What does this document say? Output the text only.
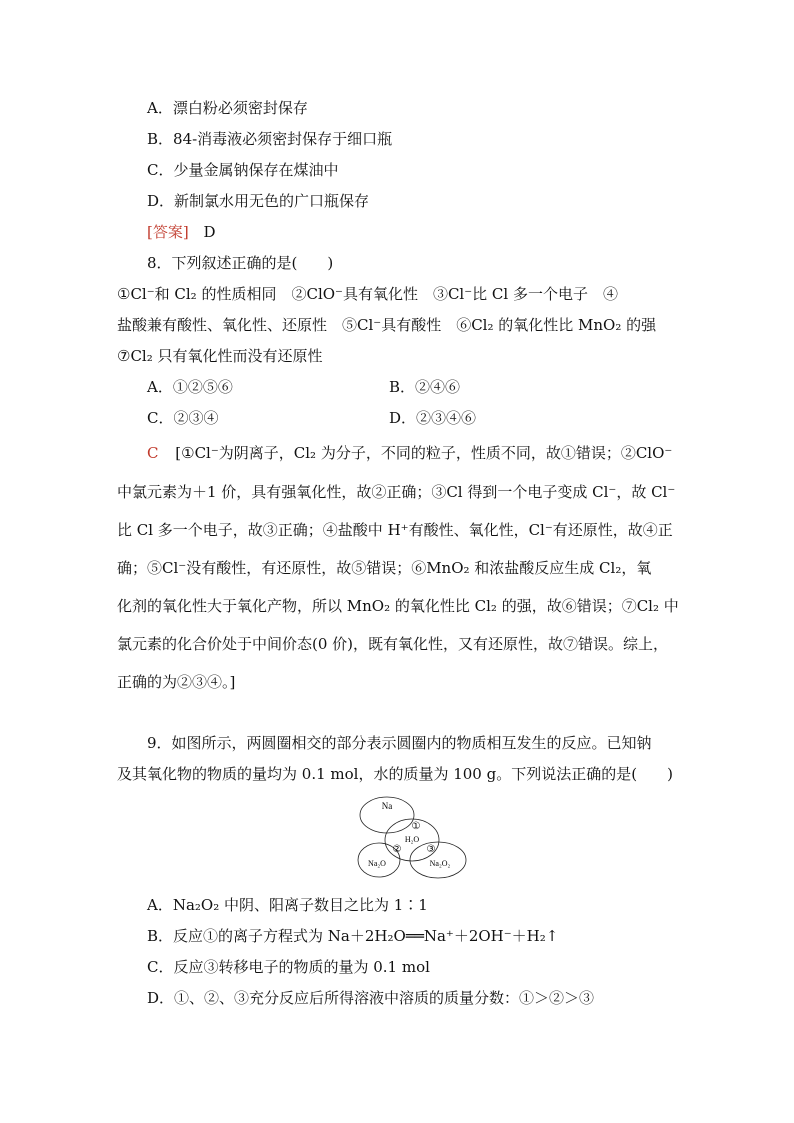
A．漂白粉必须密封保存
B．84-消毒液必须密封保存于细口瓶
C．少量金属钠保存在煤油中
D．新制氯水用无色的广口瓶保存
[答案] D
8．下列叙述正确的是(　　)
①Cl⁻和 Cl₂ 的性质相同　②ClO⁻具有氧化性　③Cl⁻比 Cl 多一个电子　④
盐酸兼有酸性、氧化性、还原性　⑤Cl⁻具有酸性　⑥Cl₂ 的氧化性比 MnO₂ 的强
⑦Cl₂ 只有氧化性而没有还原性
A．①②⑤⑥	B．②④⑥
C．②③④	D．②③④⑥
C [①Cl⁻为阴离子，Cl₂ 为分子，不同的粒子，性质不同，故①错误；②ClO⁻
中氯元素为＋1 价，具有强氧化性，故②正确；③Cl 得到一个电子变成 Cl⁻，故 Cl⁻
比 Cl 多一个电子，故③正确；④盐酸中 H⁺有酸性、氧化性，Cl⁻有还原性，故④正
确；⑤Cl⁻没有酸性，有还原性，故⑤错误；⑥MnO₂ 和浓盐酸反应生成 Cl₂，氧
化剂的氧化性大于氧化产物，所以 MnO₂ 的氧化性比 Cl₂ 的强，故⑥错误；⑦Cl₂ 中
氯元素的化合价处于中间价态(0 价)，既有氧化性，又有还原性，故⑦错误。综上，
正确的为②③④。]
9．如图所示，两圆圈相交的部分表示圆圈内的物质相互发生的反应。已知钠
及其氧化物的物质的量均为 0.1 mol，水的质量为 100 g。下列说法正确的是(　　)
Na
①
H₂O
②	③
Na₂O	Na₂O₂
A．Na₂O₂ 中阴、阳离子数目之比为 1∶1
B．反应①的离子方程式为 Na＋2H₂O══Na⁺＋2OH⁻＋H₂↑
C．反应③转移电子的物质的量为 0.1 mol
D．①、②、③充分反应后所得溶液中溶质的质量分数：①＞②＞③
